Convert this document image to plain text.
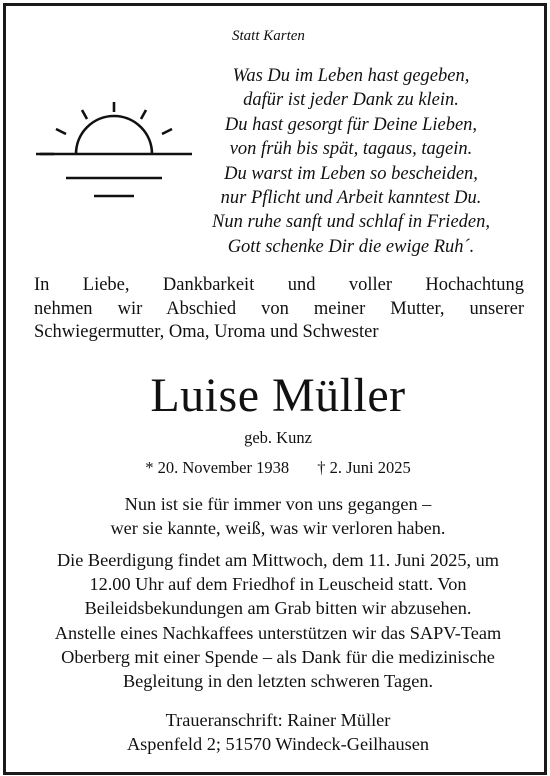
Statt Karten
Was Du im Leben hast gegeben,
dafür ist jeder Dank zu klein.
Du hast gesorgt für Deine Lieben,
von früh bis spät, tagaus, tagein.
Du warst im Leben so bescheiden,
nur Pflicht und Arbeit kanntest Du.
Nun ruhe sanft und schlaf in Frieden,
Gott schenke Dir die ewige Ruh´.
In Liebe, Dankbarkeit und voller Hochachtung
nehmen wir Abschied von meiner Mutter, unserer
Schwiegermutter, Oma, Uroma und Schwester
Luise Müller
geb. Kunz
* 20. November 1938 † 2. Juni 2025
Nun ist sie für immer von uns gegangen –
wer sie kannte, weiß, was wir verloren haben.
Die Beerdigung findet am Mittwoch, dem 11. Juni 2025, um
12.00 Uhr auf dem Friedhof in Leuscheid statt. Von
Beileidsbekundungen am Grab bitten wir abzusehen.
Anstelle eines Nachkaffees unterstützen wir das SAPV-Team
Oberberg mit einer Spende – als Dank für die medizinische
Begleitung in den letzten schweren Tagen.
Traueranschrift: Rainer Müller
Aspenfeld 2; 51570 Windeck-Geilhausen
